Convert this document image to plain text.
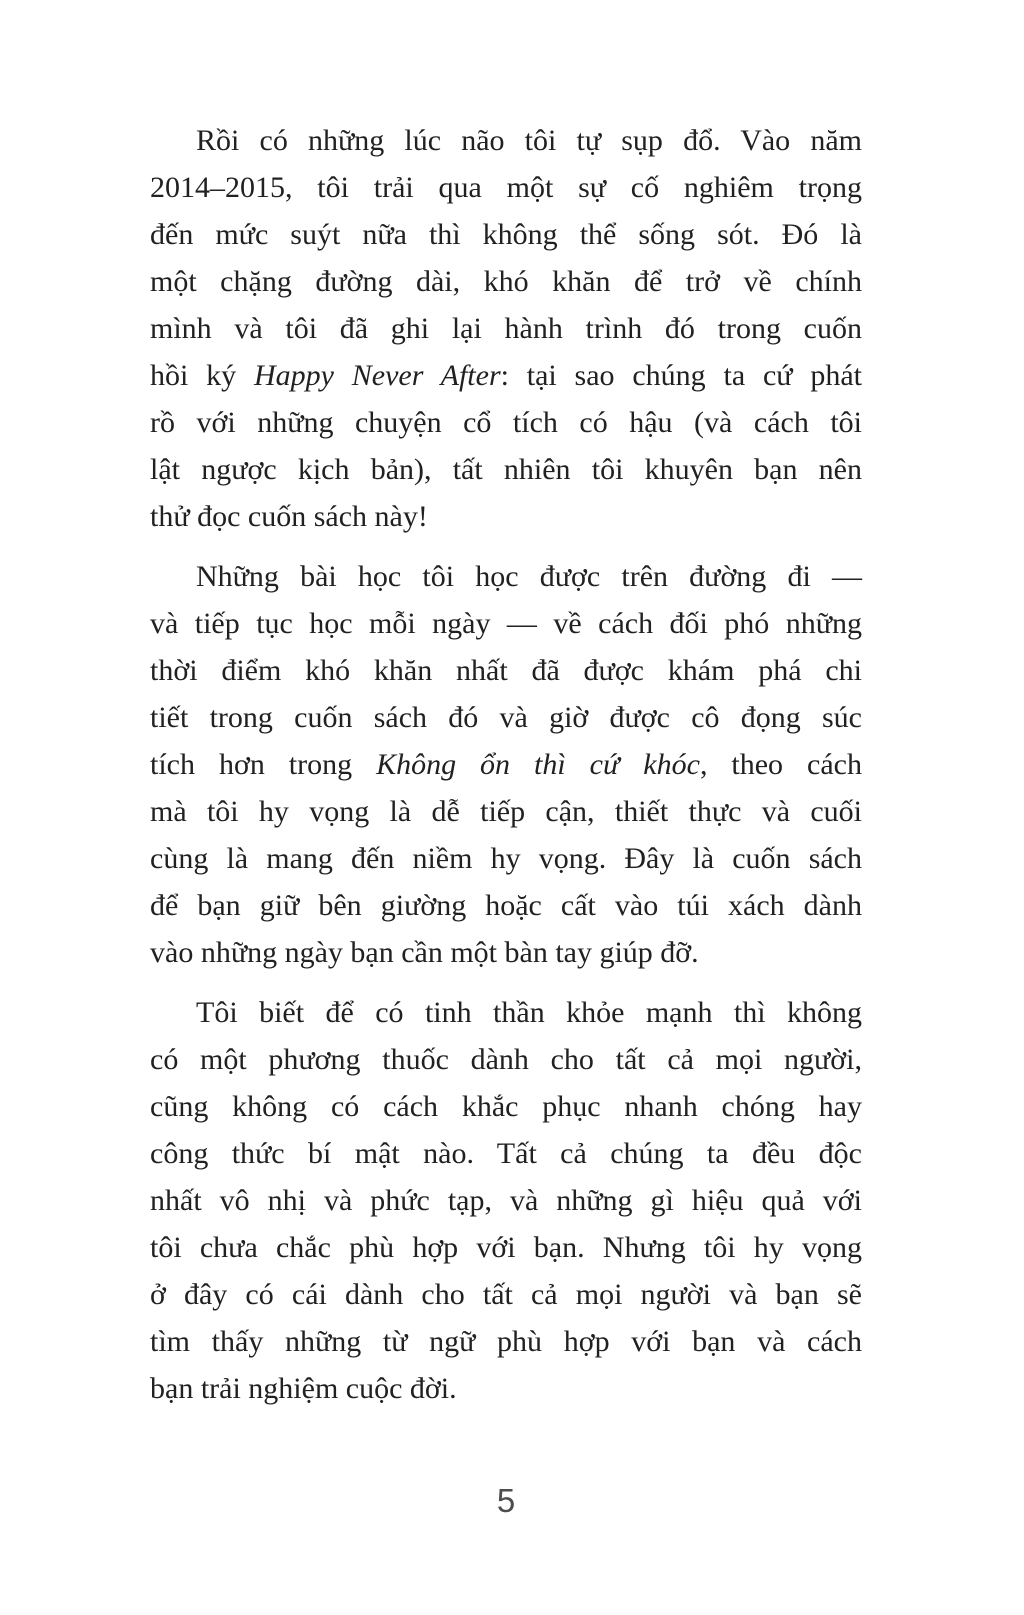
Rồi có những lúc não tôi tự sụp đổ. Vào năm
2014–2015, tôi trải qua một sự cố nghiêm trọng
đến mức suýt nữa thì không thể sống sót. Đó là
một chặng đường dài, khó khăn để trở về chính
mình và tôi đã ghi lại hành trình đó trong cuốn
hồi ký Happy Never After: tại sao chúng ta cứ phát
rồ với những chuyện cổ tích có hậu (và cách tôi
lật ngược kịch bản), tất nhiên tôi khuyên bạn nên
thử đọc cuốn sách này!
Những bài học tôi học được trên đường đi —
và tiếp tục học mỗi ngày — về cách đối phó những
thời điểm khó khăn nhất đã được khám phá chi
tiết trong cuốn sách đó và giờ được cô đọng súc
tích hơn trong Không ổn thì cứ khóc, theo cách
mà tôi hy vọng là dễ tiếp cận, thiết thực và cuối
cùng là mang đến niềm hy vọng. Đây là cuốn sách
để bạn giữ bên giường hoặc cất vào túi xách dành
vào những ngày bạn cần một bàn tay giúp đỡ.
Tôi biết để có tinh thần khỏe mạnh thì không
có một phương thuốc dành cho tất cả mọi người,
cũng không có cách khắc phục nhanh chóng hay
công thức bí mật nào. Tất cả chúng ta đều độc
nhất vô nhị và phức tạp, và những gì hiệu quả với
tôi chưa chắc phù hợp với bạn. Nhưng tôi hy vọng
ở đây có cái dành cho tất cả mọi người và bạn sẽ
tìm thấy những từ ngữ phù hợp với bạn và cách
bạn trải nghiệm cuộc đời.
5
